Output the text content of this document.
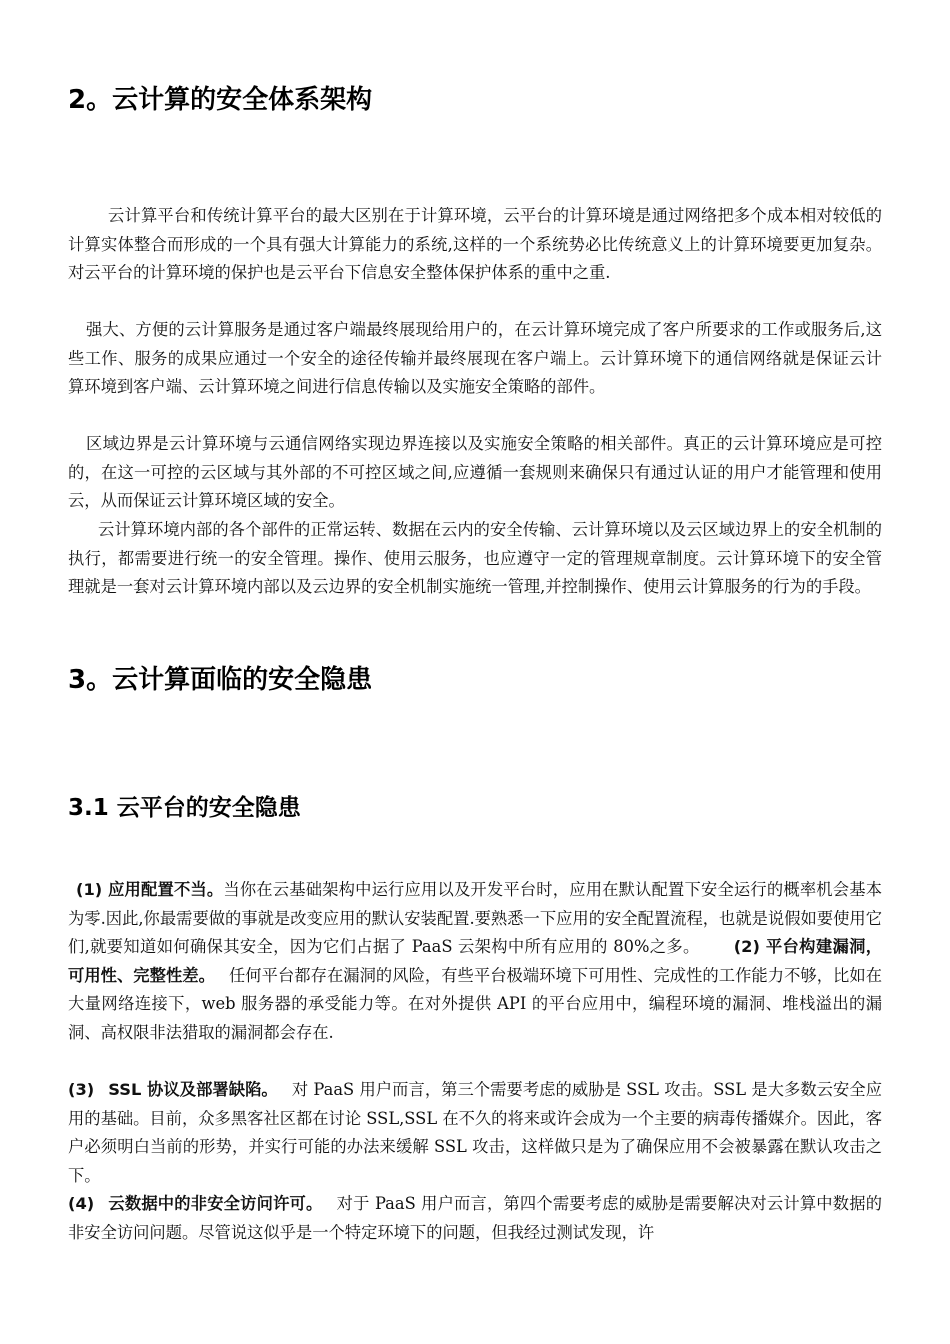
2。云计算的安全体系架构

云计算平台和传统计算平台的最大区别在于计算环境，云平台的计算环境是通过网络把多个成本相对较低的计算实体整合而形成的一个具有强大计算能力的系统,这样的一个系统势必比传统意义上的计算环境要更加复杂。对云平台的计算环境的保护也是云平台下信息安全整体保护体系的重中之重.

强大、方便的云计算服务是通过客户端最终展现给用户的，在云计算环境完成了客户所要求的工作或服务后,这些工作、服务的成果应通过一个安全的途径传输并最终展现在客户端上。云计算环境下的通信网络就是保证云计算环境到客户端、云计算环境之间进行信息传输以及实施安全策略的部件。

区域边界是云计算环境与云通信网络实现边界连接以及实施安全策略的相关部件。真正的云计算环境应是可控的，在这一可控的云区域与其外部的不可控区域之间,应遵循一套规则来确保只有通过认证的用户才能管理和使用云，从而保证云计算环境区域的安全。

云计算环境内部的各个部件的正常运转、数据在云内的安全传输、云计算环境以及云区域边界上的安全机制的执行，都需要进行统一的安全管理。操作、使用云服务，也应遵守一定的管理规章制度。云计算环境下的安全管理就是一套对云计算环境内部以及云边界的安全机制实施统一管理,并控制操作、使用云计算服务的行为的手段。

3。云计算面临的安全隐患
3.1 云平台的安全隐患

(1) 应用配置不当。当你在云基础架构中运行应用以及开发平台时，应用在默认配置下安全运行的概率机会基本为零.因此,你最需要做的事就是改变应用的默认安装配置.要熟悉一下应用的安全配置流程，也就是说假如要使用它们,就要知道如何确保其安全，因为它们占据了 PaaS 云架构中所有应用的 80%之多。 (2) 平台构建漏洞，可用性、完整性差。 任何平台都存在漏洞的风险，有些平台极端环境下可用性、完成性的工作能力不够，比如在大量网络连接下，web 服务器的承受能力等。在对外提供 API 的平台应用中，编程环境的漏洞、堆栈溢出的漏洞、高权限非法猎取的漏洞都会存在.

(3) SSL 协议及部署缺陷。 对 PaaS 用户而言，第三个需要考虑的威胁是 SSL 攻击。SSL 是大多数云安全应用的基础。目前，众多黑客社区都在讨论 SSL,SSL 在不久的将来或许会成为一个主要的病毒传播媒介。因此，客户必须明白当前的形势，并实行可能的办法来缓解 SSL 攻击，这样做只是为了确保应用不会被暴露在默认攻击之下。

(4) 云数据中的非安全访问许可。 对于 PaaS 用户而言，第四个需要考虑的威胁是需要解决对云计算中数据的非安全访问问题。尽管说这似乎是一个特定环境下的问题，但我经过测试发现，许
